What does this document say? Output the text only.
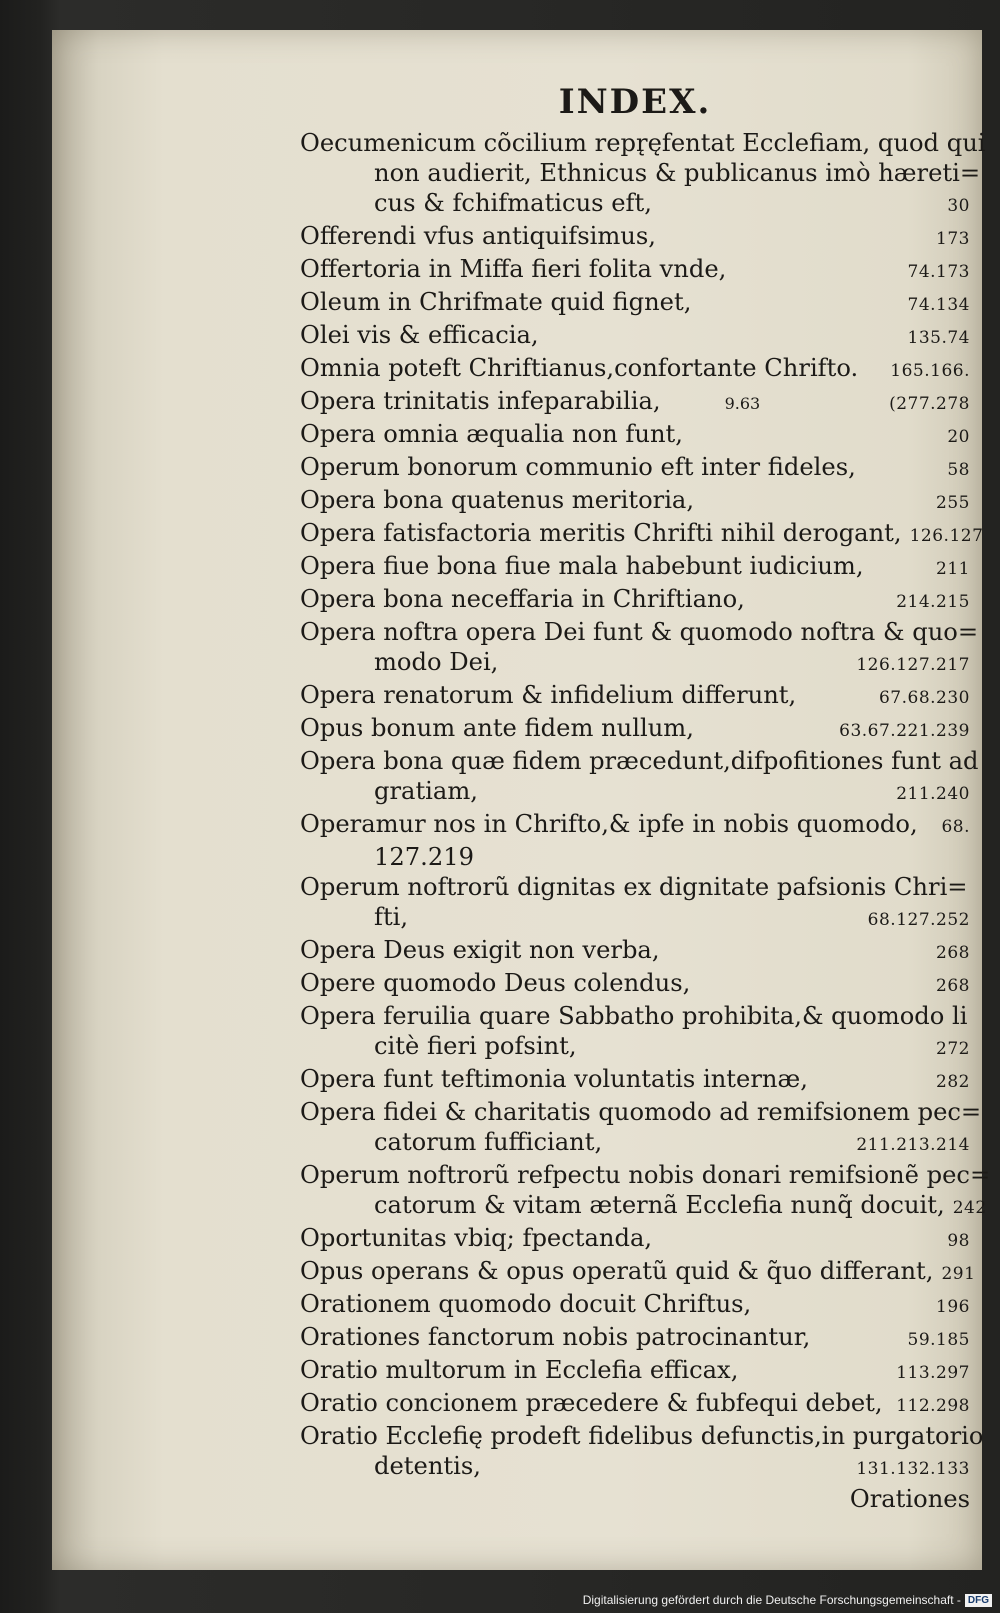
INDEX.
Oecumenicum cõcilium repr̨ęfentat Ecclefiam, quod qui
non audierit, Ethnicus & publicanus imò hæreti=
cus & fchifmaticus eft,	30
Offerendi vfus antiquifsimus,	173
Offertoria in Miffa fieri folita vnde,	74.173
Oleum in Chrifmate quid fignet,	74.134
Olei vis & efficacia,	135.74
Omnia poteft Chriftianus,confortante Chrifto. 165.166.
Opera trinitatis infeparabilia,	9.63	(277.278
Opera omnia æqualia non funt,	20
Operum bonorum communio eft inter fideles,	58
Opera bona quatenus meritoria,	255
Opera fatisfactoria meritis Chrifti nihil derogant, 126.127
Opera fiue bona fiue mala habebunt iudicium,	211
Opera bona neceffaria in Chriftiano,	214.215
Opera noftra opera Dei funt & quomodo noftra & quo=
modo Dei,	126.127.217
Opera renatorum & infidelium differunt,	67.68.230
Opus bonum ante fidem nullum,	63.67.221.239
Opera bona quæ fidem præcedunt,difpofitiones funt ad
gratiam,	211.240
Operamur nos in Chrifto,& ipfe in nobis quomodo, 68.
127.219
Operum noftrorũ dignitas ex dignitate pafsionis Chri=
fti,	68.127.252
Opera Deus exigit non verba,	268
Opere quomodo Deus colendus,	268
Opera feruilia quare Sabbatho prohibita,& quomodo li
citè fieri pofsint,	272
Opera funt teftimonia voluntatis internæ,	282
Opera fidei & charitatis quomodo ad remifsionem pec=
catorum fufficiant,	211.213.214
Operum noftrorũ refpectu nobis donari remifsionẽ pec=
catorum & vitam æternã Ecclefia nunq̃ docuit, 242
Oportunitas vbiq; fpectanda,	98
Opus operans & opus operatũ quid & q̃uo differant, 291
Orationem quomodo docuit Chriftus,	196
Orationes fanctorum nobis patrocinantur,	59.185
Oratio multorum in Ecclefia efficax,	113.297
Oratio concionem præcedere & fubfequi debet, 112.298
Oratio Ecclefię prodeft fidelibus defunctis,in purgatorio
detentis,	131.132.133
Orationes
Digitalisierung gefördert durch die Deutsche Forschungsgemeinschaft - DFG
